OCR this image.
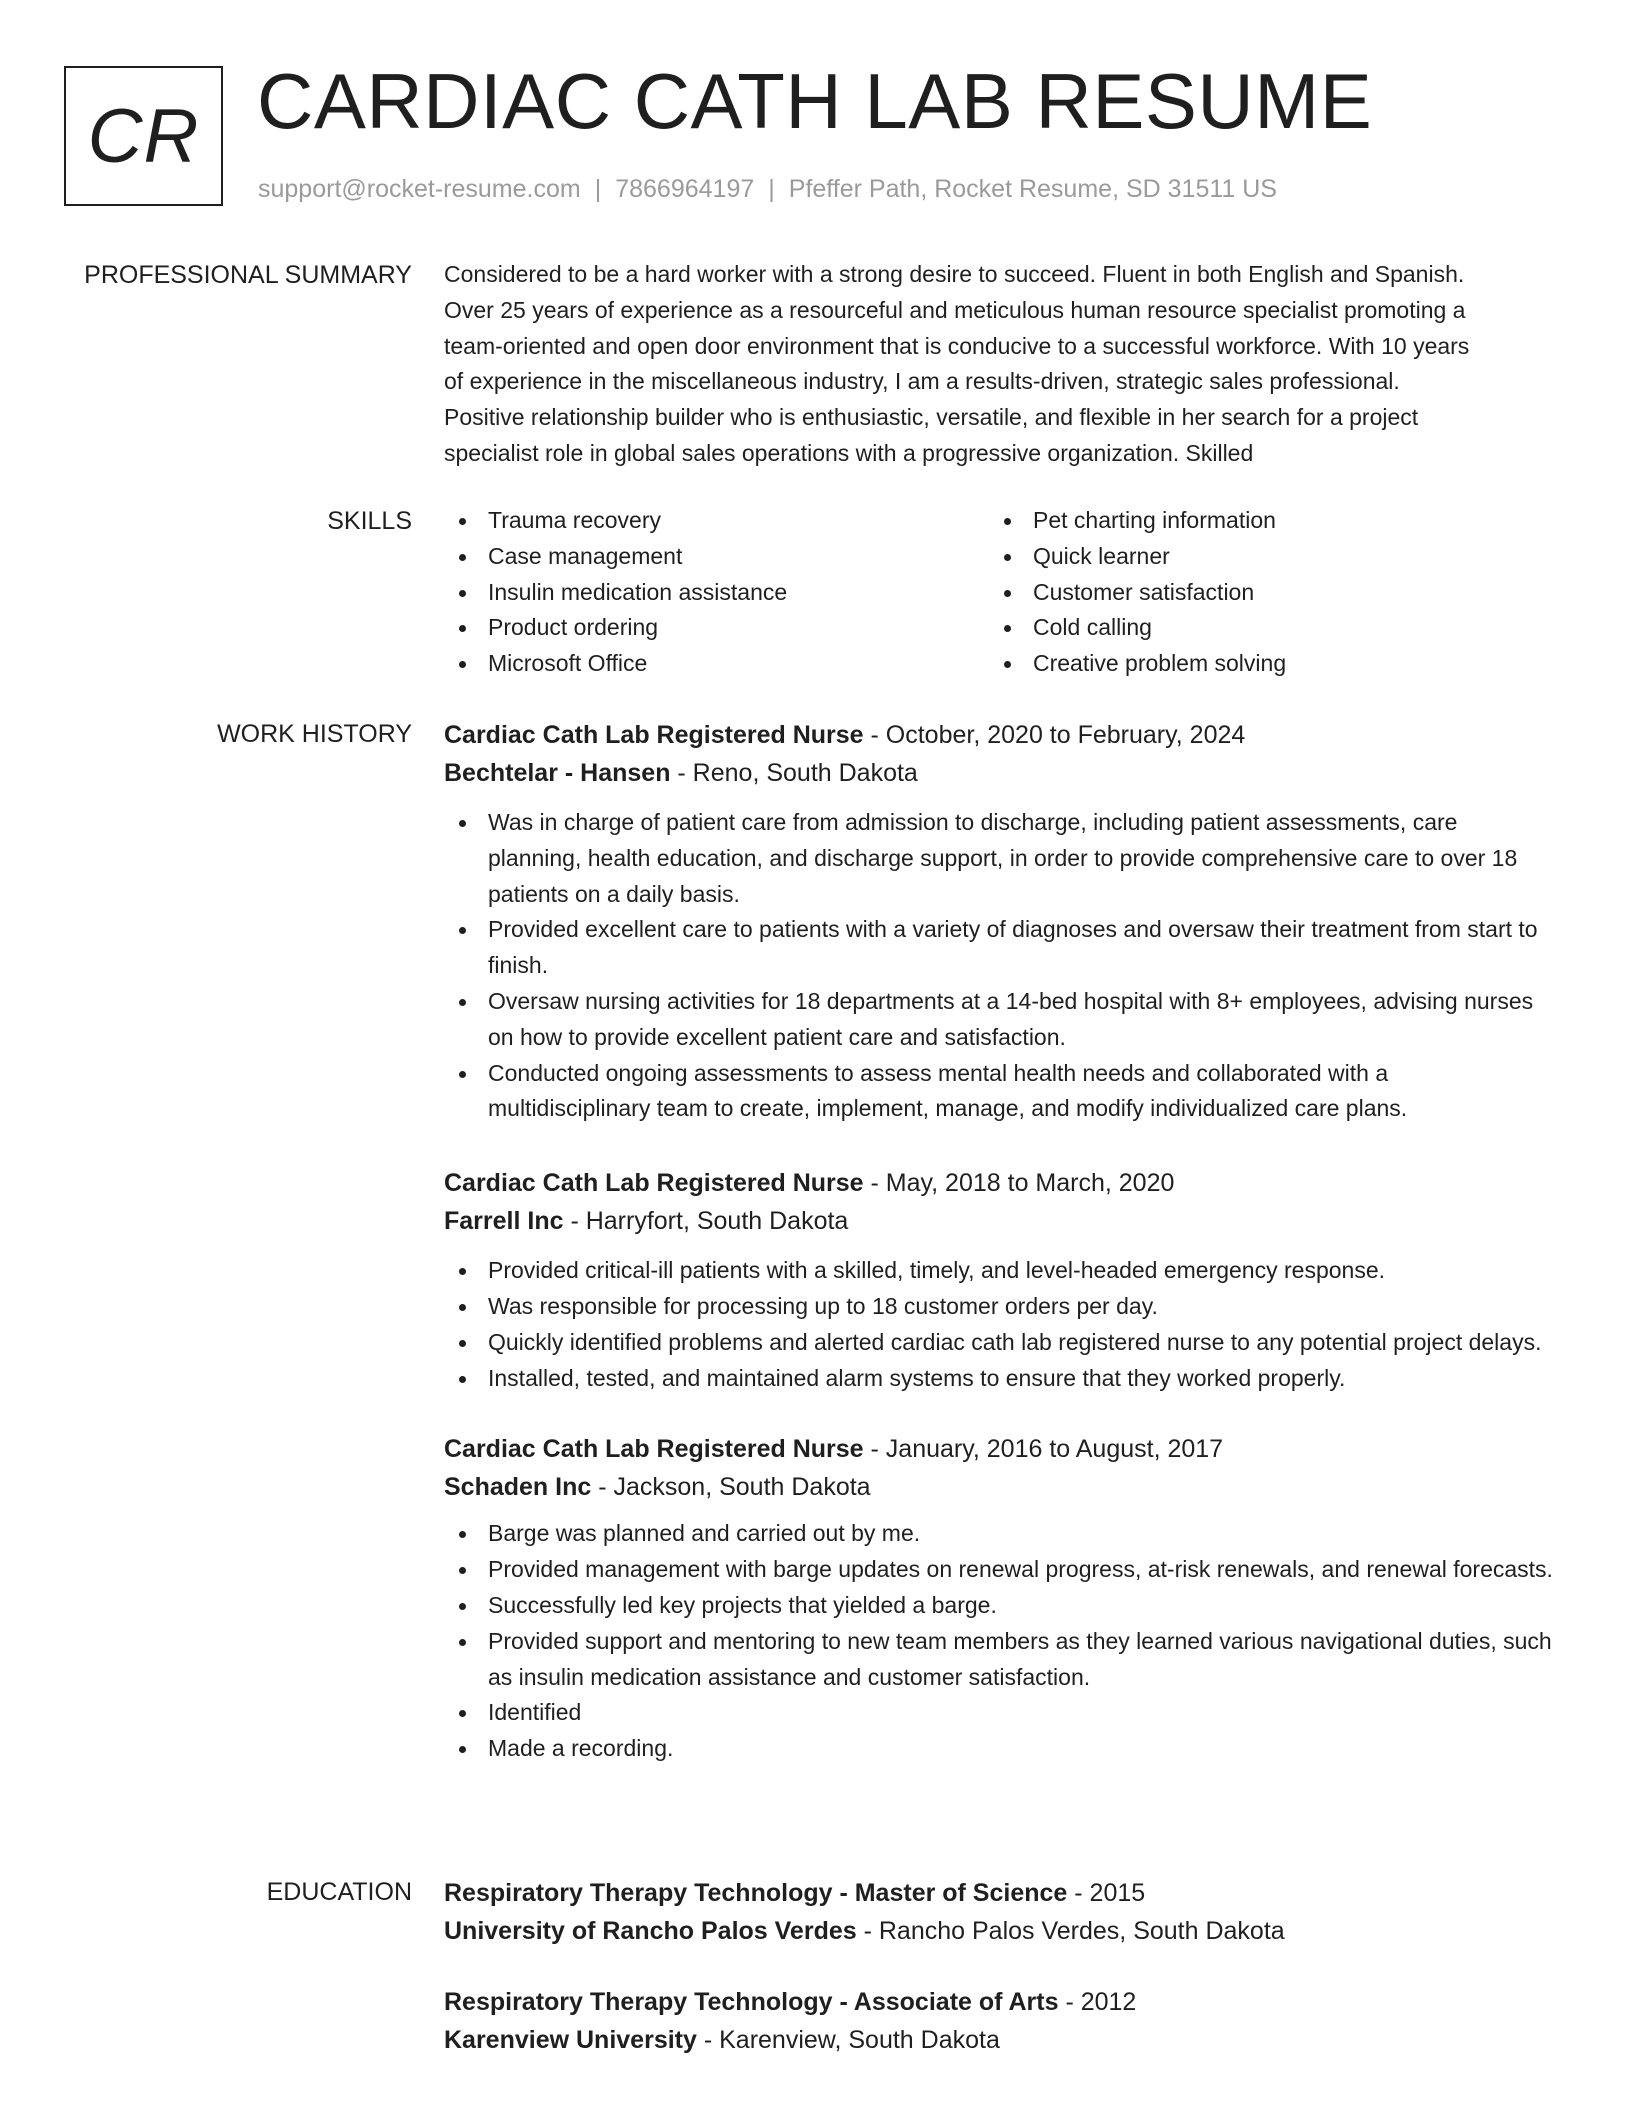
CR CARDIAC CATH LAB RESUME
support@rocket-resume.com | 7866964197 | Pfeffer Path, Rocket Resume, SD 31511 US
PROFESSIONAL SUMMARY Considered to be a hard worker with a strong desire to succeed. Fluent in both English and Spanish.
Over 25 years of experience as a resourceful and meticulous human resource specialist promoting a
team-oriented and open door environment that is conducive to a successful workforce. With 10 years
of experience in the miscellaneous industry, I am a results-driven, strategic sales professional.
Positive relationship builder who is enthusiastic, versatile, and flexible in her search for a project
specialist role in global sales operations with a progressive organization. Skilled

SKILLS	Trauma recovery
Case management
Insulin medication assistance
Product ordering
Microsoft Office
Pet charting information
Quick learner
Customer satisfaction
Cold calling
Creative problem solving
WORK HISTORY Cardiac Cath Lab Registered Nurse - October, 2020 to February, 2024
Bechtelar - Hansen - Reno, South Dakota
Was in charge of patient care from admission to discharge, including patient assessments, care planning, health education, and discharge support, in order to provide comprehensive care to over 18 patients on a daily basis.
Provided excellent care to patients with a variety of diagnoses and oversaw their treatment from start to finish.
Oversaw nursing activities for 18 departments at a 14-bed hospital with 8+ employees, advising nurses on how to provide excellent patient care and satisfaction.
Conducted ongoing assessments to assess mental health needs and collaborated with a multidisciplinary team to create, implement, manage, and modify individualized care plans.
Cardiac Cath Lab Registered Nurse - May, 2018 to March, 2020
Farrell Inc - Harryfort, South Dakota
Provided critical-ill patients with a skilled, timely, and level-headed emergency response.
Was responsible for processing up to 18 customer orders per day.
Quickly identified problems and alerted cardiac cath lab registered nurse to any potential project delays.
Installed, tested, and maintained alarm systems to ensure that they worked properly.
Cardiac Cath Lab Registered Nurse - January, 2016 to August, 2017
Schaden Inc - Jackson, South Dakota
Barge was planned and carried out by me.
Provided management with barge updates on renewal progress, at-risk renewals, and renewal forecasts.
Successfully led key projects that yielded a barge.
Provided support and mentoring to new team members as they learned various navigational duties, such as insulin medication assistance and customer satisfaction.
Identified
Made a recording.
EDUCATION Respiratory Therapy Technology - Master of Science - 2015
University of Rancho Palos Verdes - Rancho Palos Verdes, South Dakota
Respiratory Therapy Technology - Associate of Arts - 2012
Karenview University - Karenview, South Dakota
